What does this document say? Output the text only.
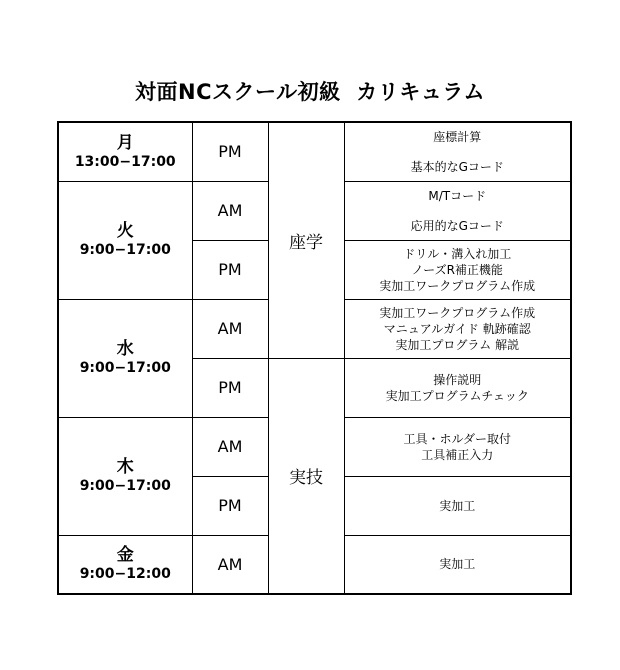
対面NCスクール初級  カリキュラム
月
13:00−17:00	PM	座学	座標計算
基本的なGコード

火
9:00−17:00	AM		M/Tコード
応用的なGコード

	PM		ドリル・溝入れ加工
ノーズR補正機能
実加工ワークプログラム作成

水
9:00−17:00	AM		実加工ワークプログラム作成
マニュアルガイド 軌跡確認
実加工プログラム 解説

	PM	実技	操作説明
実加工プログラムチェック

木
9:00−17:00	AM		工具・ホルダー取付
工具補正入力

	PM		実加工

金
9:00−12:00	AM		実加工
